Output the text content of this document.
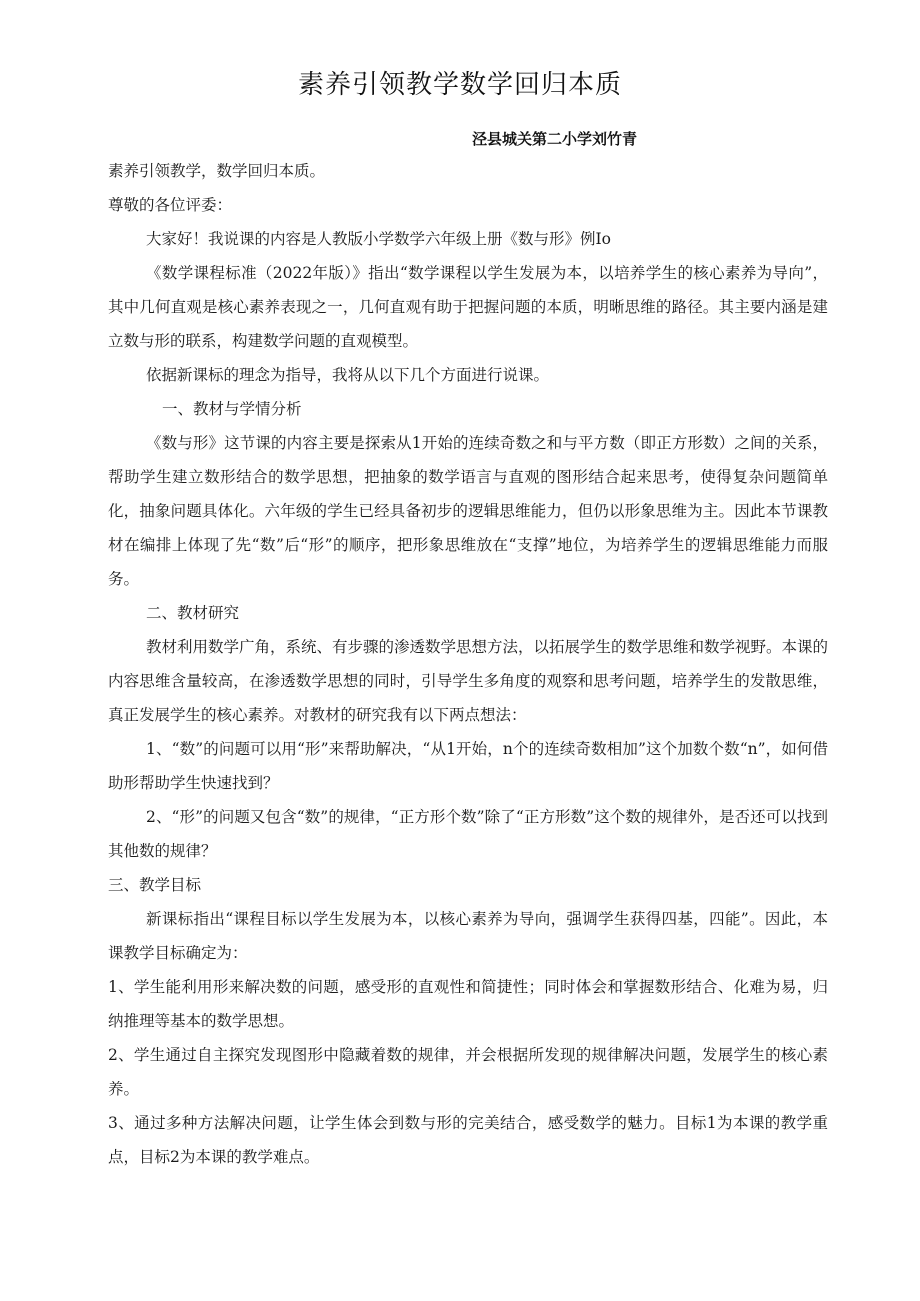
素养引领教学数学回归本质
泾县城关第二小学刘竹青

素养引领教学，数学回归本质。

尊敬的各位评委：

大家好！我说课的内容是人教版小学数学六年级上册《数与形》例Io

《数学课程标准（2022年版）》指出“数学课程以学生发展为本，以培养学生的核心素养为导向”，其中几何直观是核心素养表现之一，几何直观有助于把握问题的本质，明晰思维的路径。其主要内涵是建立数与形的联系，构建数学问题的直观模型。

依据新课标的理念为指导，我将从以下几个方面进行说课。

一、教材与学情分析

《数与形》这节课的内容主要是探索从1开始的连续奇数之和与平方数（即正方形数）之间的关系，帮助学生建立数形结合的数学思想，把抽象的数学语言与直观的图形结合起来思考，使得复杂问题简单化，抽象问题具体化。六年级的学生已经具备初步的逻辑思维能力，但仍以形象思维为主。因此本节课教材在编排上体现了先“数”后“形”的顺序，把形象思维放在“支撑”地位，为培养学生的逻辑思维能力而服务。

二、教材研究

教材利用数学广角，系统、有步骤的渗透数学思想方法，以拓展学生的数学思维和数学视野。本课的内容思维含量较高，在渗透数学思想的同时，引导学生多角度的观察和思考问题，培养学生的发散思维，真正发展学生的核心素养。对教材的研究我有以下两点想法：

1、“数”的问题可以用“形”来帮助解决，“从1开始，n个的连续奇数相加”这个加数个数“n”，如何借助形帮助学生快速找到？

2、“形”的问题又包含“数”的规律，“正方形个数”除了“正方形数”这个数的规律外，是否还可以找到其他数的规律？

三、教学目标

新课标指出“课程目标以学生发展为本，以核心素养为导向，强调学生获得四基，四能”。因此，本课教学目标确定为：

1、学生能利用形来解决数的问题，感受形的直观性和简捷性；同时体会和掌握数形结合、化难为易，归纳推理等基本的数学思想。

2、学生通过自主探究发现图形中隐藏着数的规律，并会根据所发现的规律解决问题，发展学生的核心素养。

3、通过多种方法解决问题，让学生体会到数与形的完美结合，感受数学的魅力。目标1为本课的教学重点，目标2为本课的教学难点。
